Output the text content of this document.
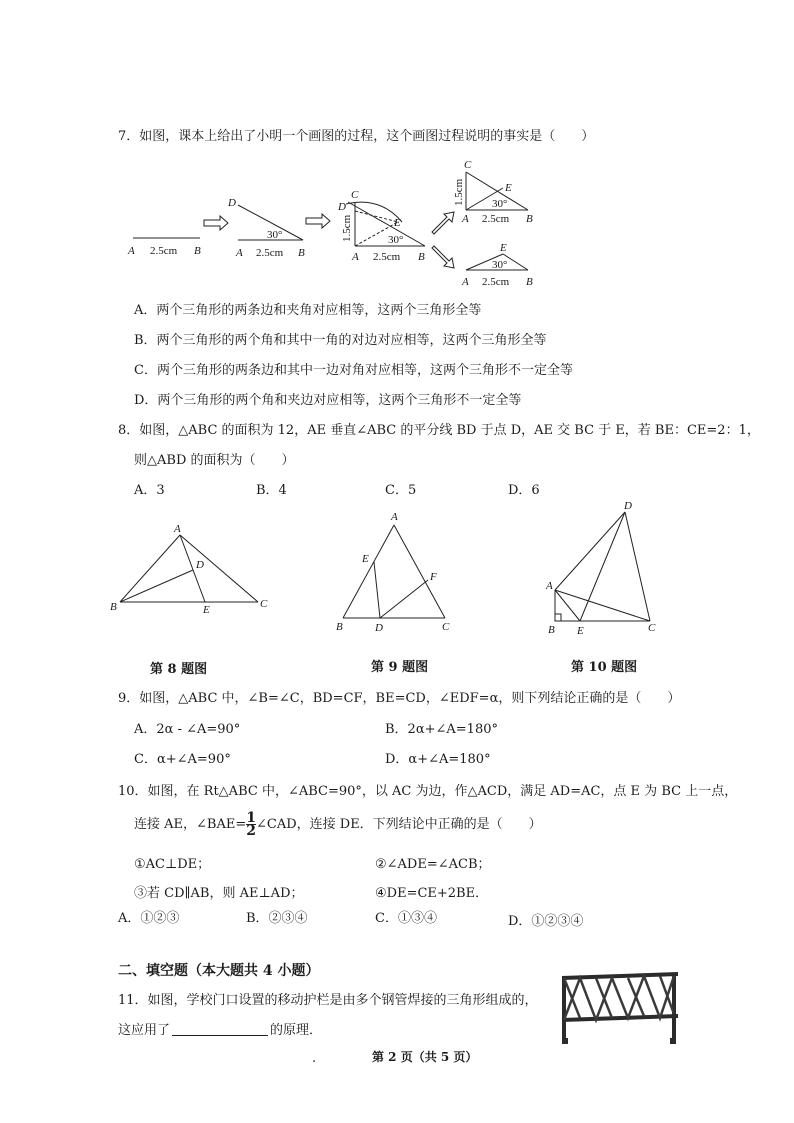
7．如图，课本上给出了小明一个画图的过程，这个画图过程说明的事实是（　　）
A 2.5cm B
D
30°
A 2.5cm B
C
D
E
30°
1.5cm
A 2.5cm B
C
E
30°
1.5cm
A 2.5cm B
E
30°
A 2.5cm B
A．两个三角形的两条边和夹角对应相等，这两个三角形全等
B．两个三角形的两个角和其中一角的对边对应相等，这两个三角形全等
C．两个三角形的两条边和其中一边对角对应相等，这两个三角形不一定全等
D．两个三角形的两个角和夹边对应相等，这两个三角形不一定全等
8．如图，△ABC 的面积为 12，AE 垂直∠ABC 的平分线 BD 于点 D，AE 交 BC 于 E，若 BE：CE=2：1，
则△ABD 的面积为（　　）
A．3	B．4	C．5	D．6
A
B	C
D
E
A
E
F
B	D	C
D
A
B E	C
第 8 题图	第 9 题图	第 10 题图
9．如图，△ABC 中，∠B=∠C，BD=CF，BE=CD，∠EDF=α，则下列结论正确的是（　　）
A．2α - ∠A=90°	B．2α+∠A=180°
C．α+∠A=90°	D．α+∠A=180°
10．如图，在 Rt△ABC 中，∠ABC=90°，以 AC 为边，作△ACD，满足 AD=AC，点 E 为 BC 上一点，
连接 AE，∠BAE= $\frac{1}{2}$ ∠CAD，连接 DE．下列结论中正确的是（　　）
①AC⊥DE；	②∠ADE=∠ACB；
③若 CD∥AB，则 AE⊥AD；	④DE=CE+2BE．
A．①②③	B．②③④	C．①③④	D．①②③④
二、填空题（本大题共 4 小题）
11．如图，学校门口设置的移动护栏是由多个钢管焊接的三角形组成的，
这应用了	的原理．
.	第 2 页（共 5 页）
